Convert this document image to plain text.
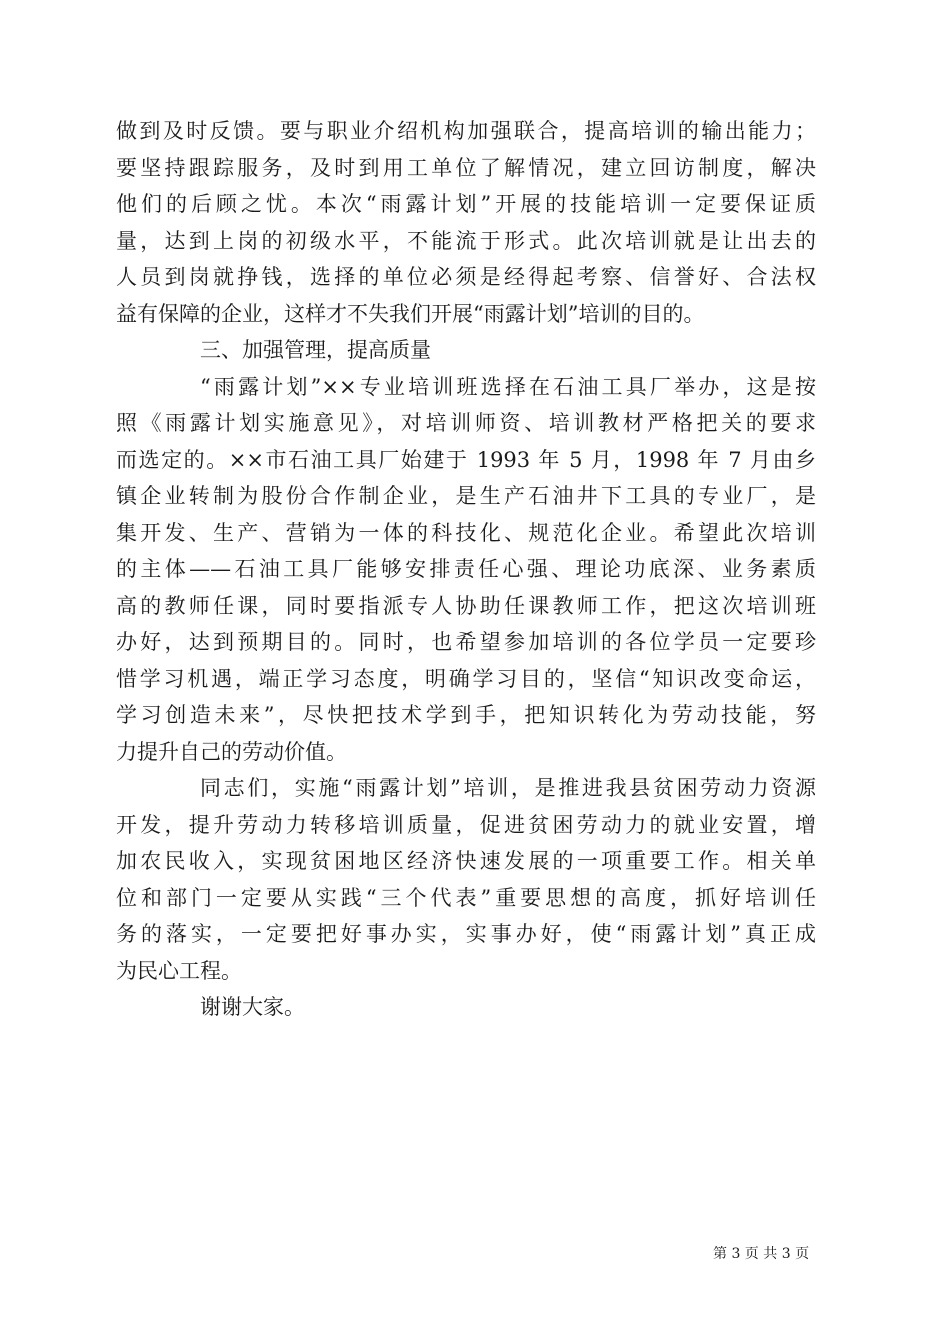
做到及时反馈。要与职业介绍机构加强联合，提高培训的输出能力；
要坚持跟踪服务，及时到用工单位了解情况，建立回访制度，解决
他们的后顾之忧。本次“雨露计划”开展的技能培训一定要保证质
量，达到上岗的初级水平，不能流于形式。此次培训就是让出去的
人员到岗就挣钱，选择的单位必须是经得起考察、信誉好、合法权
益有保障的企业，这样才不失我们开展“雨露计划”培训的目的。
三、加强管理，提高质量
“雨露计划”××专业培训班选择在石油工具厂举办，这是按
照《雨露计划实施意见》，对培训师资、培训教材严格把关的要求
而选定的。××市石油工具厂始建于 1993 年 5 月，1998 年 7 月由乡
镇企业转制为股份合作制企业，是生产石油井下工具的专业厂，是
集开发、生产、营销为一体的科技化、规范化企业。希望此次培训
的主体——石油工具厂能够安排责任心强、理论功底深、业务素质
高的教师任课，同时要指派专人协助任课教师工作，把这次培训班
办好，达到预期目的。同时，也希望参加培训的各位学员一定要珍
惜学习机遇，端正学习态度，明确学习目的，坚信“知识改变命运，
学习创造未来”，尽快把技术学到手，把知识转化为劳动技能，努
力提升自己的劳动价值。
同志们，实施“雨露计划”培训，是推进我县贫困劳动力资源
开发，提升劳动力转移培训质量，促进贫困劳动力的就业安置，增
加农民收入，实现贫困地区经济快速发展的一项重要工作。相关单
位和部门一定要从实践“三个代表”重要思想的高度，抓好培训任
务的落实，一定要把好事办实，实事办好，使“雨露计划”真正成
为民心工程。
谢谢大家。
第 3 页 共 3 页
